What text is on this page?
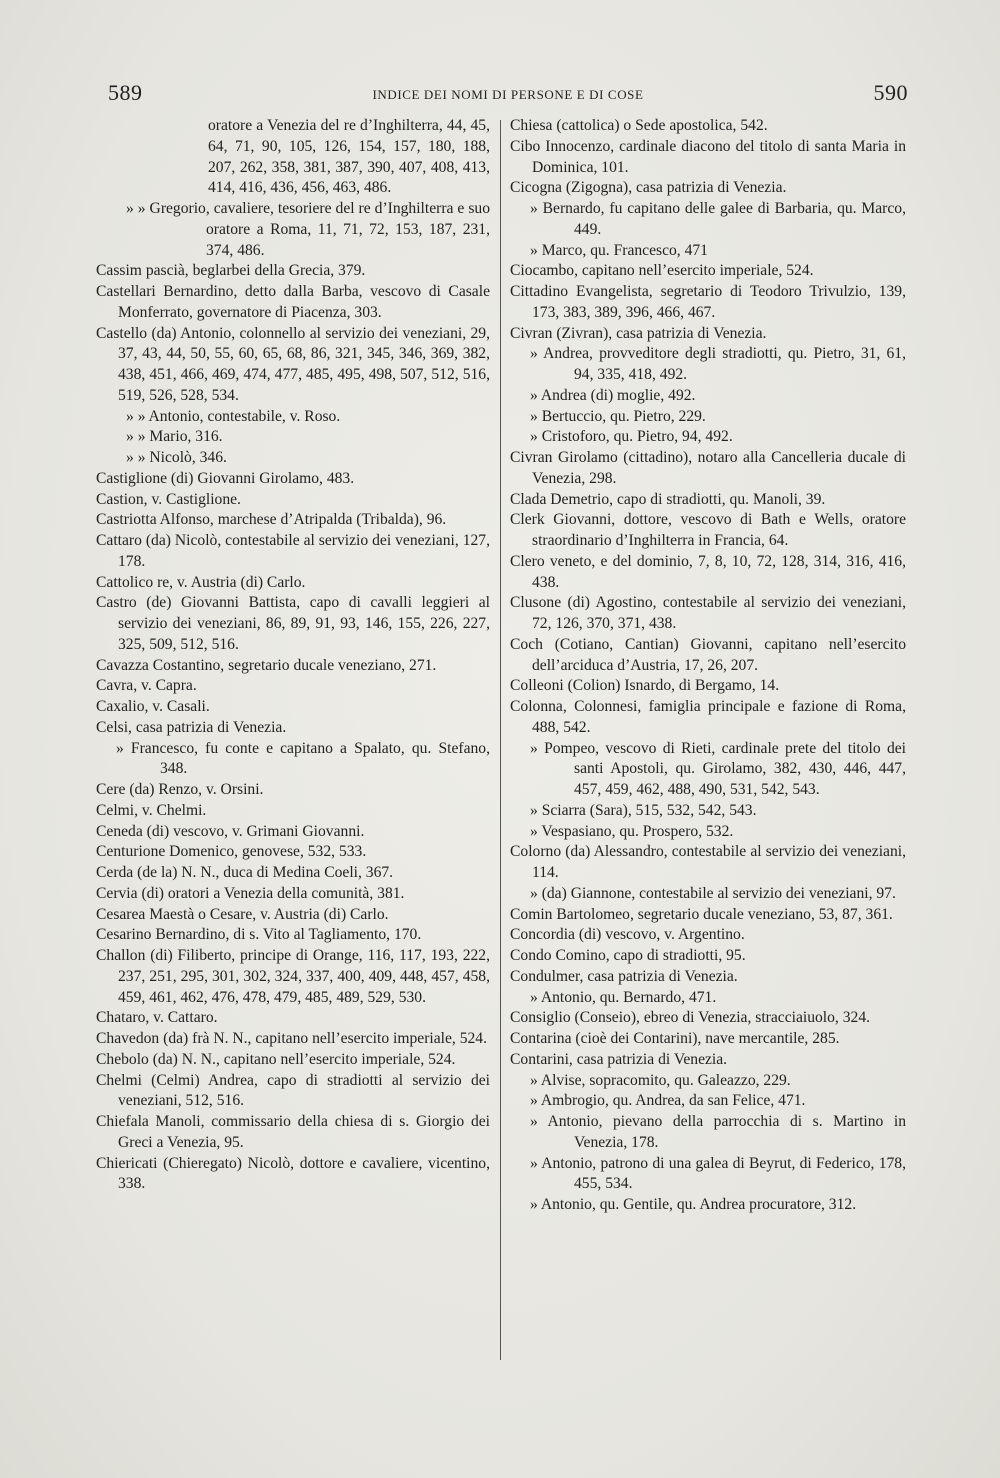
589	INDICE DEI NOMI DI PERSONE E DI COSE	590
oratore a Venezia del re d’Inghilterra, 44, 45, 64, 71, 90, 105, 126, 154, 157, 180, 188, 207, 262, 358, 381, 387, 390, 407, 408, 413, 414, 416, 436, 456, 463, 486.
» » Gregorio, cavaliere, tesoriere del re d’Inghilterra e suo oratore a Roma, 11, 71, 72, 153, 187, 231, 374, 486.
Cassim pascià, beglarbei della Grecia, 379.
Castellari Bernardino, detto dalla Barba, vescovo di Casale Monferrato, governatore di Piacenza, 303.
Castello (da) Antonio, colonnello al servizio dei veneziani, 29, 37, 43, 44, 50, 55, 60, 65, 68, 86, 321, 345, 346, 369, 382, 438, 451, 466, 469, 474, 477, 485, 495, 498, 507, 512, 516, 519, 526, 528, 534.
» » Antonio, contestabile, v. Roso.
» » Mario, 316.
» » Nicolò, 346.
Castiglione (di) Giovanni Girolamo, 483.
Castion, v. Castiglione.
Castriotta Alfonso, marchese d’Atripalda (Tribalda), 96.
Cattaro (da) Nicolò, contestabile al servizio dei veneziani, 127, 178.
Cattolico re, v. Austria (di) Carlo.
Castro (de) Giovanni Battista, capo di cavalli leggieri al servizio dei veneziani, 86, 89, 91, 93, 146, 155, 226, 227, 325, 509, 512, 516.
Cavazza Costantino, segretario ducale veneziano, 271.
Cavra, v. Capra.
Caxalio, v. Casali.
Celsi, casa patrizia di Venezia.
» Francesco, fu conte e capitano a Spalato, qu. Stefano, 348.
Cere (da) Renzo, v. Orsini.
Celmi, v. Chelmi.
Ceneda (di) vescovo, v. Grimani Giovanni.
Centurione Domenico, genovese, 532, 533.
Cerda (de la) N. N., duca di Medina Coeli, 367.
Cervia (di) oratori a Venezia della comunità, 381.
Cesarea Maestà o Cesare, v. Austria (di) Carlo.
Cesarino Bernardino, di s. Vito al Tagliamento, 170.
Challon (di) Filiberto, principe di Orange, 116, 117, 193, 222, 237, 251, 295, 301, 302, 324, 337, 400, 409, 448, 457, 458, 459, 461, 462, 476, 478, 479, 485, 489, 529, 530.
Chataro, v. Cattaro.
Chavedon (da) frà N. N., capitano nell’esercito imperiale, 524.
Chebolo (da) N. N., capitano nell’esercito imperiale, 524.
Chelmi (Celmi) Andrea, capo di stradiotti al servizio dei veneziani, 512, 516.
Chiefala Manoli, commissario della chiesa di s. Giorgio dei Greci a Venezia, 95.
Chiericati (Chieregato) Nicolò, dottore e cavaliere, vicentino, 338.
Chiesa (cattolica) o Sede apostolica, 542.
Cibo Innocenzo, cardinale diacono del titolo di santa Maria in Dominica, 101.
Cicogna (Zigogna), casa patrizia di Venezia.
» Bernardo, fu capitano delle galee di Barbaria, qu. Marco, 449.
» Marco, qu. Francesco, 471
Ciocambo, capitano nell’esercito imperiale, 524.
Cittadino Evangelista, segretario di Teodoro Trivulzio, 139, 173, 383, 389, 396, 466, 467.
Civran (Zivran), casa patrizia di Venezia.
» Andrea, provveditore degli stradiotti, qu. Pietro, 31, 61, 94, 335, 418, 492.
» Andrea (di) moglie, 492.
» Bertuccio, qu. Pietro, 229.
» Cristoforo, qu. Pietro, 94, 492.
Civran Girolamo (cittadino), notaro alla Cancelleria ducale di Venezia, 298.
Clada Demetrio, capo di stradiotti, qu. Manoli, 39.
Clerk Giovanni, dottore, vescovo di Bath e Wells, oratore straordinario d’Inghilterra in Francia, 64.
Clero veneto, e del dominio, 7, 8, 10, 72, 128, 314, 316, 416, 438.
Clusone (di) Agostino, contestabile al servizio dei veneziani, 72, 126, 370, 371, 438.
Coch (Cotiano, Cantian) Giovanni, capitano nell’esercito dell’arciduca d’Austria, 17, 26, 207.
Colleoni (Colion) Isnardo, di Bergamo, 14.
Colonna, Colonnesi, famiglia principale e fazione di Roma, 488, 542.
» Pompeo, vescovo di Rieti, cardinale prete del titolo dei santi Apostoli, qu. Girolamo, 382, 430, 446, 447, 457, 459, 462, 488, 490, 531, 542, 543.
» Sciarra (Sara), 515, 532, 542, 543.
» Vespasiano, qu. Prospero, 532.
Colorno (da) Alessandro, contestabile al servizio dei veneziani, 114.
» (da) Giannone, contestabile al servizio dei veneziani, 97.
Comin Bartolomeo, segretario ducale veneziano, 53, 87, 361.
Concordia (di) vescovo, v. Argentino.
Condo Comino, capo di stradiotti, 95.
Condulmer, casa patrizia di Venezia.
» Antonio, qu. Bernardo, 471.
Consiglio (Conseio), ebreo di Venezia, stracciaiuolo, 324.
Contarina (cioè dei Contarini), nave mercantile, 285.
Contarini, casa patrizia di Venezia.
» Alvise, sopracomito, qu. Galeazzo, 229.
» Ambrogio, qu. Andrea, da san Felice, 471.
» Antonio, pievano della parrocchia di s. Martino in Venezia, 178.
» Antonio, patrono di una galea di Beyrut, di Federico, 178, 455, 534.
» Antonio, qu. Gentile, qu. Andrea procuratore, 312.
